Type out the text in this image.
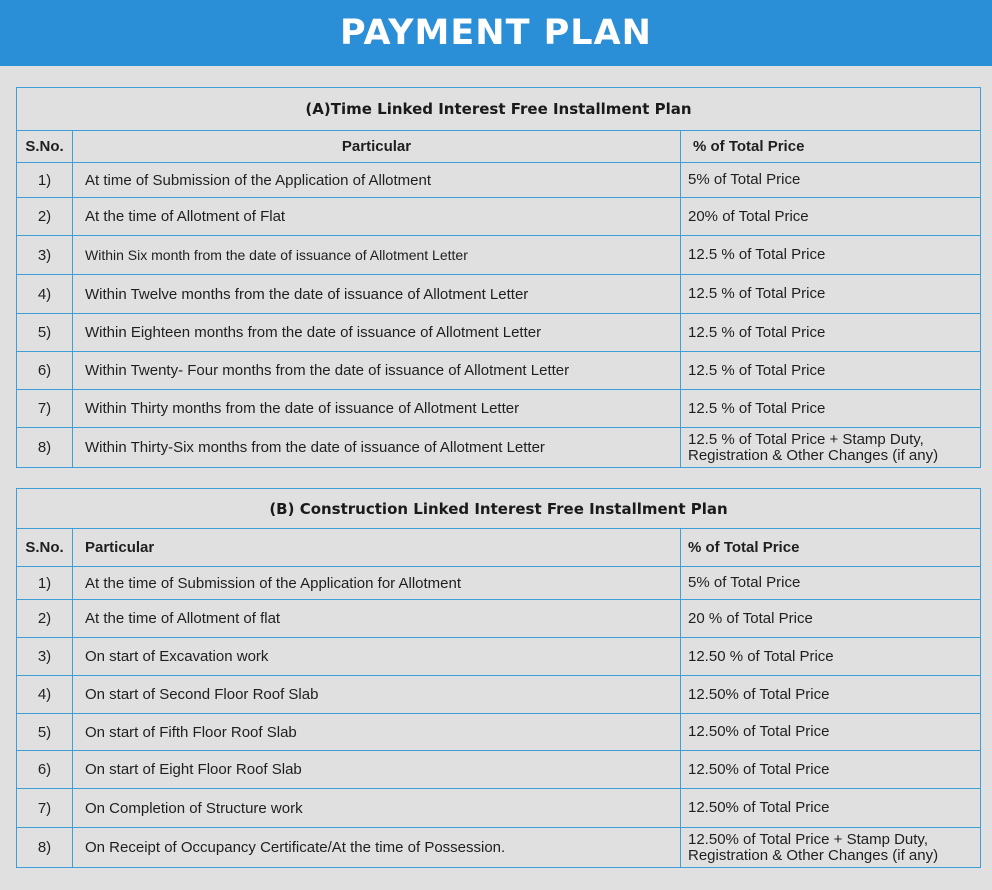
PAYMENT PLAN
(A)Time Linked Interest Free Installment Plan		
S.No.	Particular	% of Total Price
1)	At time of Submission of the Application of Allotment	5% of Total Price
2)	At the time of Allotment of Flat	20% of Total Price
3)	Within Six month from the date of issuance of Allotment Letter	12.5 % of Total Price
4)	Within Twelve months from the date of issuance of Allotment Letter	12.5 % of Total Price
5)	Within Eighteen months from the date of issuance of Allotment Letter	12.5 % of Total Price
6)	Within Twenty- Four months from the date of issuance of Allotment Letter	12.5 % of Total Price
7)	Within Thirty months from the date of issuance of Allotment Letter	12.5 % of Total Price
8)	Within Thirty-Six months from the date of issuance of Allotment Letter	12.5 % of Total Price + Stamp Duty, Registration & Other Changes (if any)
(B) Construction Linked Interest Free Installment Plan		
S.No.	Particular	% of Total Price
1)	At the time of Submission of the Application for Allotment	5% of Total Price
2)	At the time of Allotment of flat	20 % of Total Price
3)	On start of Excavation work	12.50 % of Total Price
4)	On start of Second Floor Roof Slab	12.50% of Total Price
5)	On start of Fifth Floor Roof Slab	12.50% of Total Price
6)	On start of Eight Floor Roof Slab	12.50% of Total Price
7)	On Completion of Structure work	12.50% of Total Price
8)	On Receipt of Occupancy Certificate/At the time of Possession.	12.50% of Total Price + Stamp Duty, Registration & Other Changes (if any)
